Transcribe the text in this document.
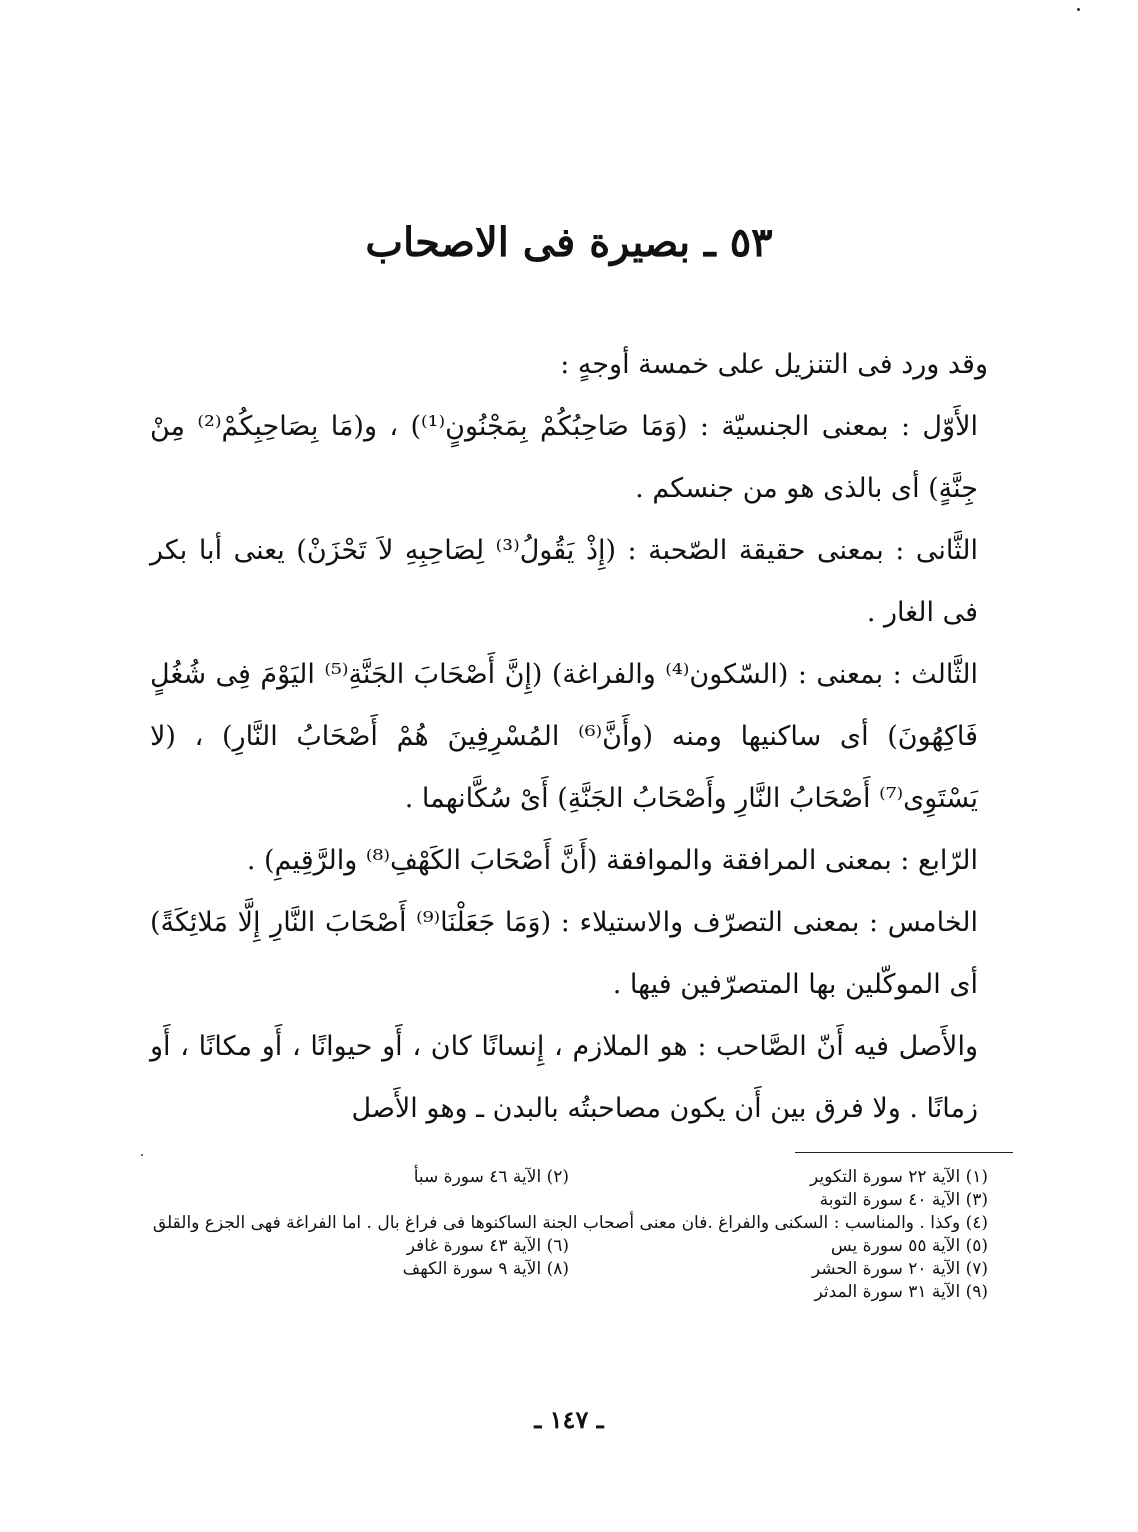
٥٣ ـ بصيرة فى الاصحاب

وقد ورد فى التنزيل على خمسة أوجهٍ :

الأَوّل : بمعنى الجنسيّة : (وَمَا صَاحِبُكُمْ بِمَجْنُونٍ⁽¹⁾) ، و(مَا بِصَاحِبِكُمْ⁽²⁾ مِنْ جِنَّةٍ) أى بالذى هو من جنسكم .

الثَّانى : بمعنى حقيقة الصّحبة : (إِذْ يَقُولُ⁽³⁾ لِصَاحِبِهِ لاَ تَحْزَنْ) يعنى أبا بكر فى الغار .

الثَّالث : بمعنى : (السّكون⁽⁴⁾ والفراغة) (إِنَّ أَصْحَابَ الجَنَّةِ⁽⁵⁾ اليَوْمَ فِى شُغُلٍ فَاكِهُونَ) أى ساكنيها ومنه (وأَنَّ⁽⁶⁾ المُسْرِفِينَ هُمْ أَصْحَابُ النَّارِ) ، (لا يَسْتَوِى⁽⁷⁾ أَصْحَابُ النَّارِ وأَصْحَابُ الجَنَّةِ) أَىْ سُكَّانهما .

الرّابع : بمعنى المرافقة والموافقة (أَنَّ أَصْحَابَ الكَهْفِ⁽⁸⁾ والرَّقِيمِ) .

الخامس : بمعنى التصرّف والاستيلاء : (وَمَا جَعَلْنَا⁽⁹⁾ أَصْحَابَ النَّارِ إِلَّا مَلائِكَةً) أى الموكّلين بها المتصرّفين فيها .

والأَصل فيه أَنّ الصَّاحب : هو الملازم ، إِنسانًا كان ، أَو حيوانًا ، أَو مكانًا ، أَو زمانًا . ولا فرق بين أَن يكون مصاحبتُه بالبدن ـ وهو الأَصل

(١) الآية ٢٢ سورة التكوير
(٢) الآية ٤٦ سورة سبأ
(٣) الآية ٤٠ سورة التوبة
(٤) وكذا . والمناسب : السكنى والفراغ .فان معنى أصحاب الجنة الساكنوها فى فراغ بال . اما الفراغة فهى الجزع والقلق
(٥) الآية ٥٥ سورة يس
(٦) الآية ٤٣ سورة غافر
(٧) الآية ٢٠ سورة الحشر
(٨) الآية ٩ سورة الكهف
(٩) الآية ٣١ سورة المدثر
ـ ١٤٧ ـ
